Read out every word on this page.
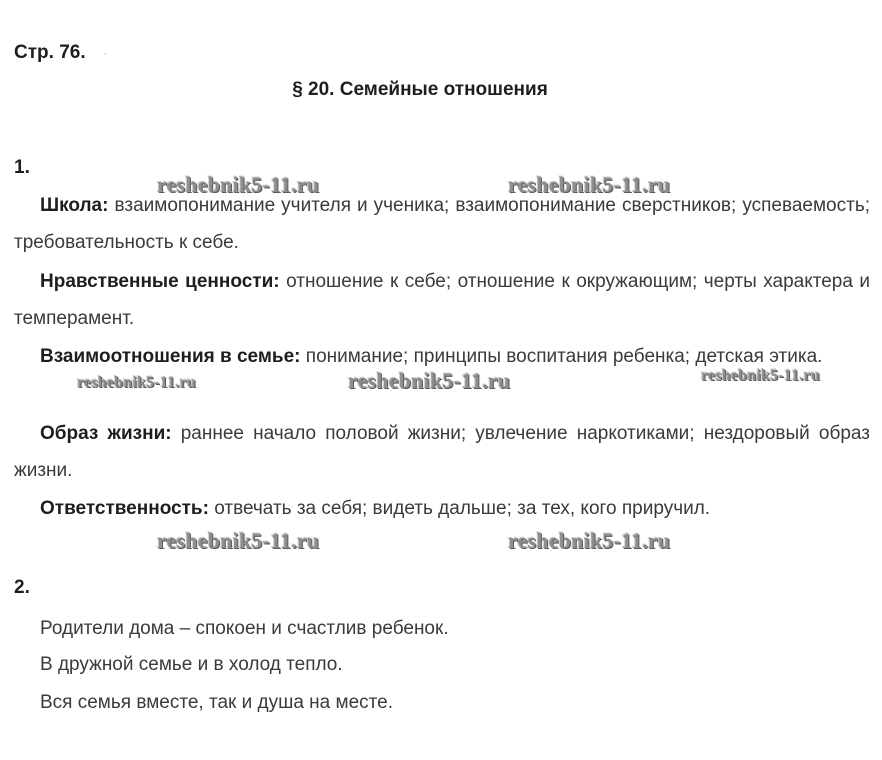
Стр. 76. .
§ 20. Семейные отношения
1.
reshebnik5-11.ru	reshebnik5-11.ru
Школа: взаимопонимание учителя и ученика; взаимопонимание сверстников; успеваемость; требовательность к себе.
Нравственные ценности: отношение к себе; отношение к окружающим; черты характера и темперамент.
Взаимоотношения в семье: понимание; принципы воспитания ребенка; детская этика.
reshebnik5-11.ru	reshebnik5-11.ru	reshebnik5-11.ru
Образ жизни: раннее начало половой жизни; увлечение наркотиками; нездоровый образ жизни.
Ответственность: отвечать за себя; видеть дальше; за тех, кого приручил.
reshebnik5-11.ru	reshebnik5-11.ru
2.
Родители дома – спокоен и счастлив ребенок.
В дружной семье и в холод тепло.
Вся семья вместе, так и душа на месте.
